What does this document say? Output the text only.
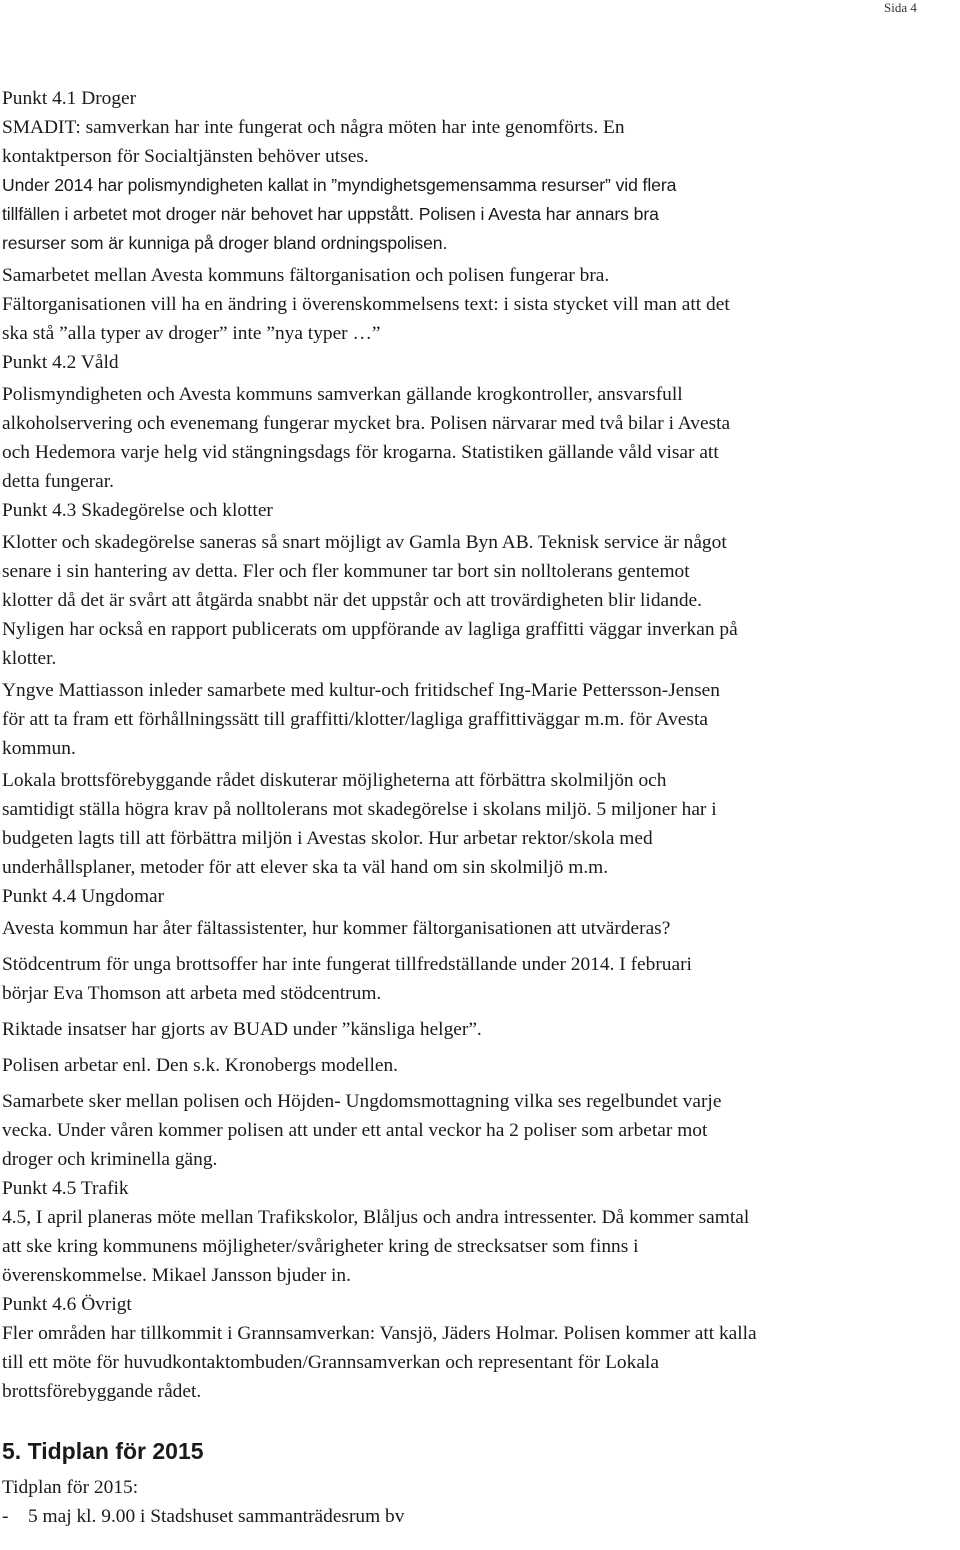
Sida 4

Punkt 4.1 Droger

SMADIT: samverkan har inte fungerat och några möten har inte genomförts. En
kontaktperson för Socialtjänsten behöver utses.

Under 2014 har polismyndigheten kallat in ”myndighetsgemensamma resurser” vid flera
tillfällen i arbetet mot droger när behovet har uppstått. Polisen i Avesta har annars bra
resurser som är kunniga på droger bland ordningspolisen.

Samarbetet mellan Avesta kommuns fältorganisation och polisen fungerar bra.

Fältorganisationen vill ha en ändring i överenskommelsens text: i sista stycket vill man att det
ska stå ”alla typer av droger” inte ”nya typer …”

Punkt 4.2 Våld

Polismyndigheten och Avesta kommuns samverkan gällande krogkontroller, ansvarsfull
alkoholservering och evenemang fungerar mycket bra. Polisen närvarar med två bilar i Avesta
och Hedemora varje helg vid stängningsdags för krogarna. Statistiken gällande våld visar att
detta fungerar.

Punkt 4.3 Skadegörelse och klotter

Klotter och skadegörelse saneras så snart möjligt av Gamla Byn AB. Teknisk service är något
senare i sin hantering av detta. Fler och fler kommuner tar bort sin nolltolerans gentemot
klotter då det är svårt att åtgärda snabbt när det uppstår och att trovärdigheten blir lidande.
Nyligen har också en rapport publicerats om uppförande av lagliga graffitti väggar inverkan på
klotter.

Yngve Mattiasson inleder samarbete med kultur-och fritidschef Ing-Marie Pettersson-Jensen
för att ta fram ett förhållningssätt till graffitti/klotter/lagliga graffittiväggar m.m. för Avesta
kommun.

Lokala brottsförebyggande rådet diskuterar möjligheterna att förbättra skolmiljön och
samtidigt ställa högra krav på nolltolerans mot skadegörelse i skolans miljö. 5 miljoner har i
budgeten lagts till att förbättra miljön i Avestas skolor. Hur arbetar rektor/skola med
underhållsplaner, metoder för att elever ska ta väl hand om sin skolmiljö m.m.

Punkt 4.4 Ungdomar

Avesta kommun har åter fältassistenter, hur kommer fältorganisationen att utvärderas?

Stödcentrum för unga brottsoffer har inte fungerat tillfredställande under 2014. I februari
börjar Eva Thomson att arbeta med stödcentrum.

Riktade insatser har gjorts av BUAD under ”känsliga helger”.

Polisen arbetar enl. Den s.k. Kronobergs modellen.

Samarbete sker mellan polisen och Höjden- Ungdomsmottagning vilka ses regelbundet varje
vecka. Under våren kommer polisen att under ett antal veckor ha 2 poliser som arbetar mot
droger och kriminella gäng.

Punkt 4.5 Trafik

4.5, I april planeras möte mellan Trafikskolor, Blåljus och andra intressenter. Då kommer samtal
att ske kring kommunens möjligheter/svårigheter kring de strecksatser som finns i
överenskommelse. Mikael Jansson bjuder in.

Punkt 4.6 Övrigt

Fler områden har tillkommit i Grannsamverkan: Vansjö, Jäders Holmar. Polisen kommer att kalla
till ett möte för huvudkontaktombuden/Grannsamverkan och representant för Lokala
brottsförebyggande rådet.

5. Tidplan för 2015

Tidplan för 2015:

-	5 maj kl. 9.00 i Stadshuset sammanträdesrum bv
